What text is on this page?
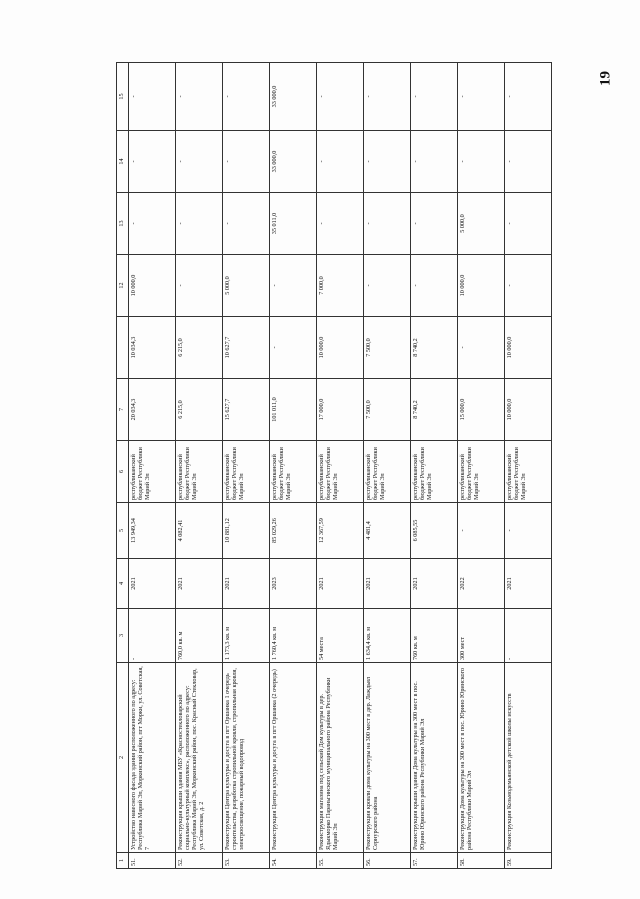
19
1	2	3	4	5	6	7		12	13	14	15
51.	Устройство навесного фасада здания расположенного по адресу: Республика Марий Эл, Моркинский район, пгт Морки, ул. Советская, 7	-	2021	13 949,34	республиканский бюджет Республики Марий Эл	20 034,3	10 034,3	10 000,0	-	-	-
52.	Реконструкция крыши здания МБУ «Красностекловарский социально-культурный комплекс», расположенного по адресу: Республика Марий Эл, Моркинский район, пос. Красный Стекловар, ул. Советская, д. 2	760,0 кв. м	2021	4 082,41	республиканский бюджет Республики Марий Эл	6 215,0	6 215,0	-	-	-	-
53.	Реконструкция Центра культуры и досуга в пгт Оршанка 1 очередь строительства, разработка стропильной кровли, стропильная кровля, электроосвещение, пожарный водопровод	1 173,3 кв. м	2021	10 881,12	республиканский бюджет Республики Марий Эл	15 627,7	10 627,7	5 000,0	-	-	-
54.	Реконструкция Центра культуры и досуга в пгт Оршанка (2 очередь)	1 760,4 кв. м	2023	85 029,26	республиканский бюджет Республики Марий Эл	101 011,0	-	-	35 011,0	33 000,0	33 000,0
55.	Реконструкция магазина под сельский Дом культуры в дер. Ядыкморко Параньгинского муниципального района Республики Марий Эл	54 места	2021	12 367,59	республиканский бюджет Республики Марий Эл	17 000,0	10 000,0	7 000,0	-	-	-
56.	Реконструкция кровли дома культуры на 300 мест в дер. Лаждьял Сернурского района	1 634,4 кв. м	2021	4 481,4	республиканский бюджет Республики Марий Эл	7 500,0	7 500,0	-	-	-	-
57.	Реконструкция крыши здания Дома культуры на 300 мест в пос. Юрино Юринского района Республики Марий Эл	760 кв. м	2021	6 085,55	республиканский бюджет Республики Марий Эл	8 740,2	8 740,2	-	-	-	-
58.	Реконструкция Дома культуры на 300 мест в пос. Юрино Юринского района Республики Марий Эл	300 мест	2022	-	республиканский бюджет Республики Марий Эл	15 000,0	-	10 000,0	5 000,0	-	-
59.	Реконструкция Козьмодемьянской детской школы искусств	-	2021	-	республиканский бюджет Республики Марий Эл	10 000,0	10 000,0	-	-	-	-
